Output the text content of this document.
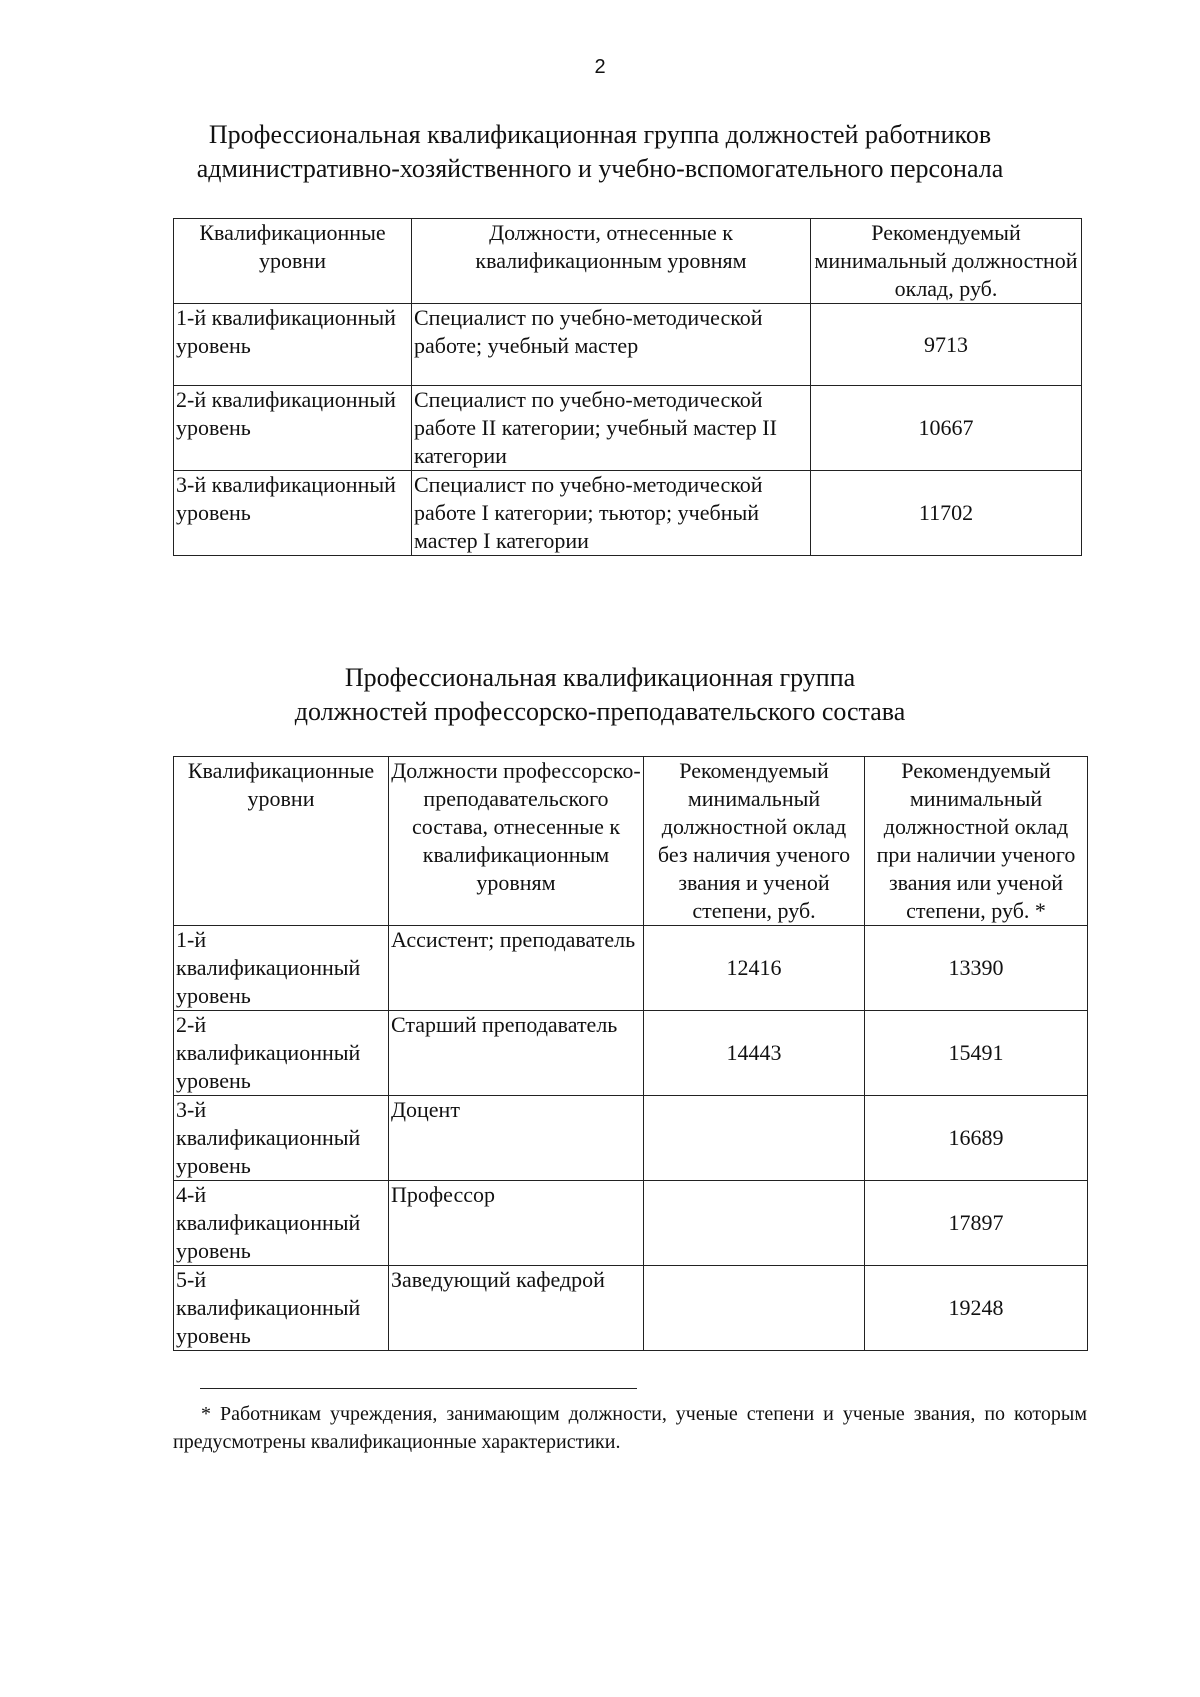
2
Профессиональная квалификационная группа должностей работников
административно-хозяйственного и учебно-вспомогательного персонала
Квалификационные уровни	Должности, отнесенные к квалификационным уровням	Рекомендуемый минимальный должностной оклад, руб.
1-й квалификационный уровень	Специалист по учебно-методической работе; учебный мастер	9713
2-й квалификационный уровень	Специалист по учебно-методической работе II категории; учебный мастер II категории	10667
3-й квалификационный уровень	Специалист по учебно-методической работе I категории; тьютор; учебный мастер I категории	11702
Профессиональная квалификационная группа
должностей профессорско-преподавательского состава
Квалификационные уровни	Должности профессорско-преподавательского состава, отнесенные к квалификационным уровням	Рекомендуемый минимальный должностной оклад без наличия ученого звания и ученой степени, руб.	Рекомендуемый минимальный должностной оклад при наличии ученого звания или ученой степени, руб. *
1-й квалификационный уровень	Ассистент; преподаватель	12416	13390
2-й квалификационный уровень	Старший преподаватель	14443	15491
3-й квалификационный уровень	Доцент		16689
4-й квалификационный уровень	Профессор		17897
5-й квалификационный уровень	Заведующий кафедрой		19248
* Работникам учреждения, занимающим должности, ученые степени и ученые звания, по которым предусмотрены квалификационные характеристики.
